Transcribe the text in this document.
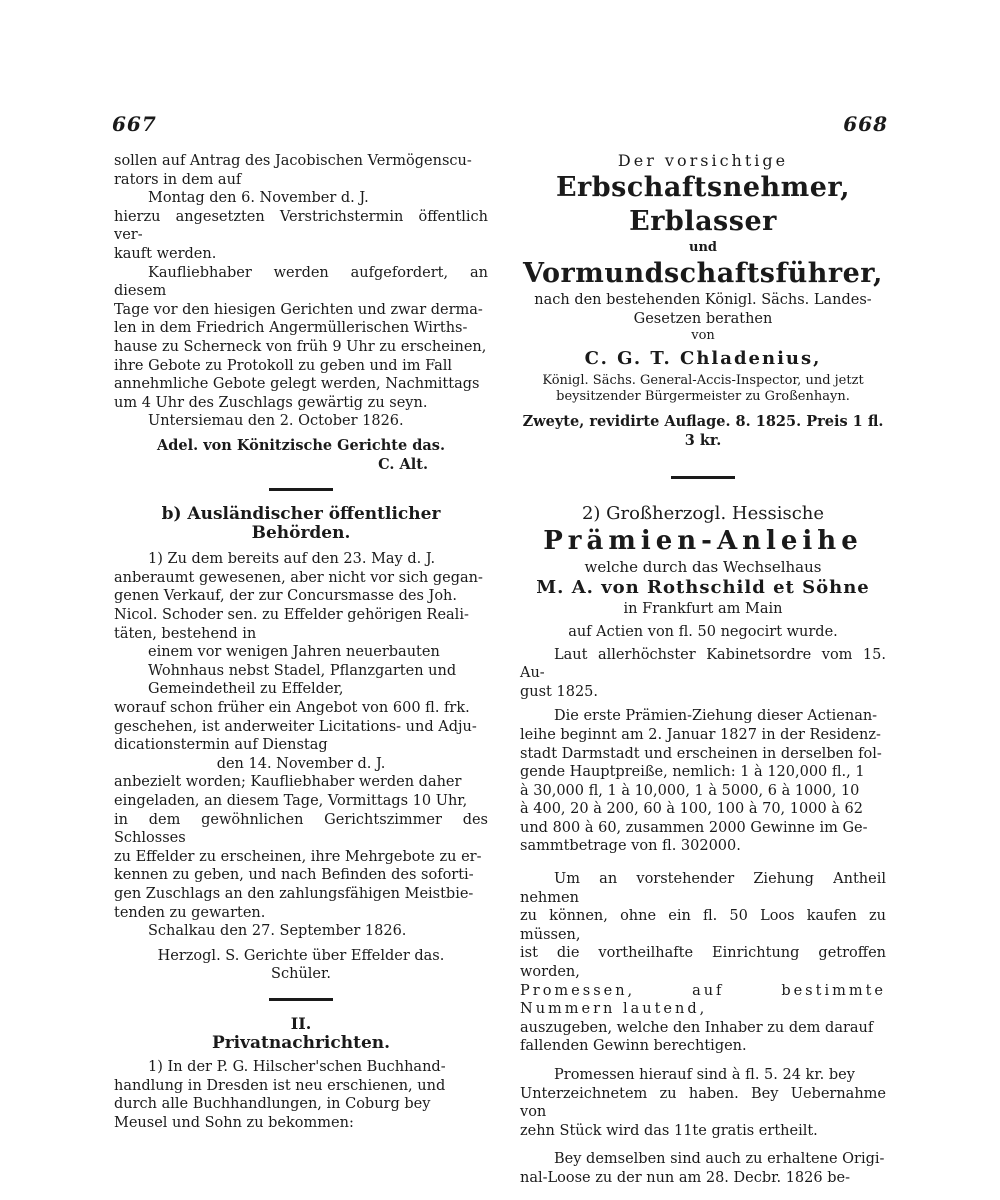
667	668

sollen auf Antrag des Jacobischen Vermögenscu-

rators in dem auf

Montag den 6. November d. J.

hierzu angesetzten Verstrichstermin öffentlich ver-

kauft werden.

Kaufliebhaber werden aufgefordert, an diesem

Tage vor den hiesigen Gerichten und zwar derma-

len in dem Friedrich Angermüllerischen Wirths-

hause zu Scherneck von früh 9 Uhr zu erscheinen,

ihre Gebote zu Protokoll zu geben und im Fall

annehmliche Gebote gelegt werden, Nachmittags

um 4 Uhr des Zuschlags gewärtig zu seyn.

Untersiemau den 2. October 1826.

Adel. von Könitzische Gerichte das.

C. Alt.

b) Ausländischer öffentlicher Behörden.

1) Zu dem bereits auf den 23. May d. J.

anberaumt gewesenen, aber nicht vor sich gegan-

genen Verkauf, der zur Concursmasse des Joh.

Nicol. Schoder sen. zu Effelder gehörigen Reali-

täten, bestehend in

einem vor wenigen Jahren neuerbauten

Wohnhaus nebst Stadel, Pflanzgarten und

Gemeindetheil zu Effelder,

worauf schon früher ein Angebot von 600 fl. frk.

geschehen, ist anderweiter Licitations- und Adju-

dicationstermin auf Dienstag

den 14. November d. J.

anbezielt worden; Kaufliebhaber werden daher

eingeladen, an diesem Tage, Vormittags 10 Uhr,

in dem gewöhnlichen Gerichtszimmer des Schlosses

zu Effelder zu erscheinen, ihre Mehrgebote zu er-

kennen zu geben, und nach Befinden des soforti-

gen Zuschlags an den zahlungsfähigen Meistbie-

tenden zu gewarten.

Schalkau den 27. September 1826.

Herzogl. S. Gerichte über Effelder das.

Schüler.

II.

Privatnachrichten.

1) In der P. G. Hilscher'schen Buchhand-

handlung in Dresden ist neu erschienen, und

durch alle Buchhandlungen, in Coburg bey

Meusel und Sohn zu bekommen:

Der vorsichtige

Erbschaftsnehmer, Erblasser

und

Vormundschaftsführer,

nach den bestehenden Königl. Sächs. Landes-

Gesetzen berathen

von

C. G. T. Chladenius,

Königl. Sächs. General-Accis-Inspector, und jetzt

beysitzender Bürgermeister zu Großenhayn.

Zweyte, revidirte Auflage. 8. 1825. Preis 1 fl. 3 kr.

2) Großherzogl. Hessische

Prämien-Anleihe

welche durch das Wechselhaus

M. A. von Rothschild et Söhne

in Frankfurt am Main

auf Actien von fl. 50 negocirt wurde.

Laut allerhöchster Kabinetsordre vom 15. Au-

gust 1825.

Die erste Prämien-Ziehung dieser Actienan-

leihe beginnt am 2. Januar 1827 in der Residenz-

stadt Darmstadt und erscheinen in derselben fol-

gende Hauptpreiße, nemlich: 1 à 120,000 fl., 1

à 30,000 fl, 1 à 10,000, 1 à 5000, 6 à 1000, 10

à 400, 20 à 200, 60 à 100, 100 à 70, 1000 à 62

und 800 à 60, zusammen 2000 Gewinne im Ge-

sammtbetrage von fl. 302000.

Um an vorstehender Ziehung Antheil nehmen

zu können, ohne ein fl. 50 Loos kaufen zu müssen,

ist die vortheilhafte Einrichtung getroffen worden,

Promessen, auf bestimmte Nummern lautend,

auszugeben, welche den Inhaber zu dem darauf

fallenden Gewinn berechtigen.

Promessen hierauf sind à fl. 5. 24 kr. bey

Unterzeichnetem zu haben. Bey Uebernahme von

zehn Stück wird das 11te gratis ertheilt.

Bey demselben sind auch zu erhaltene Origi-

nal-Loose zu der nun am 28. Decbr. 1826 be-
